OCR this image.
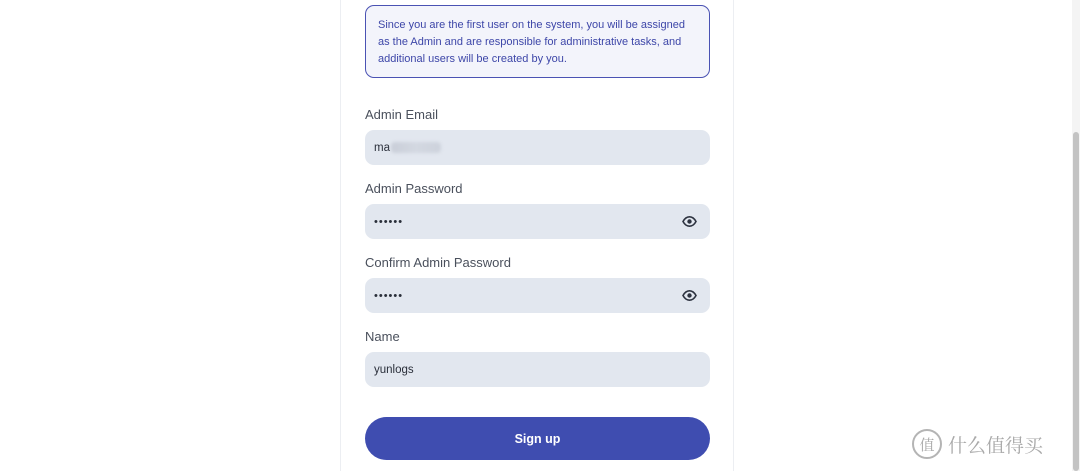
Since you are the first user on the system, you will be assigned as the Admin and are responsible for administrative tasks, and additional users will be created by you.
Admin Email
ma
Admin Password
••••••
Confirm Admin Password
••••••
Name
yunlogs
Sign up	值 什么值得买
